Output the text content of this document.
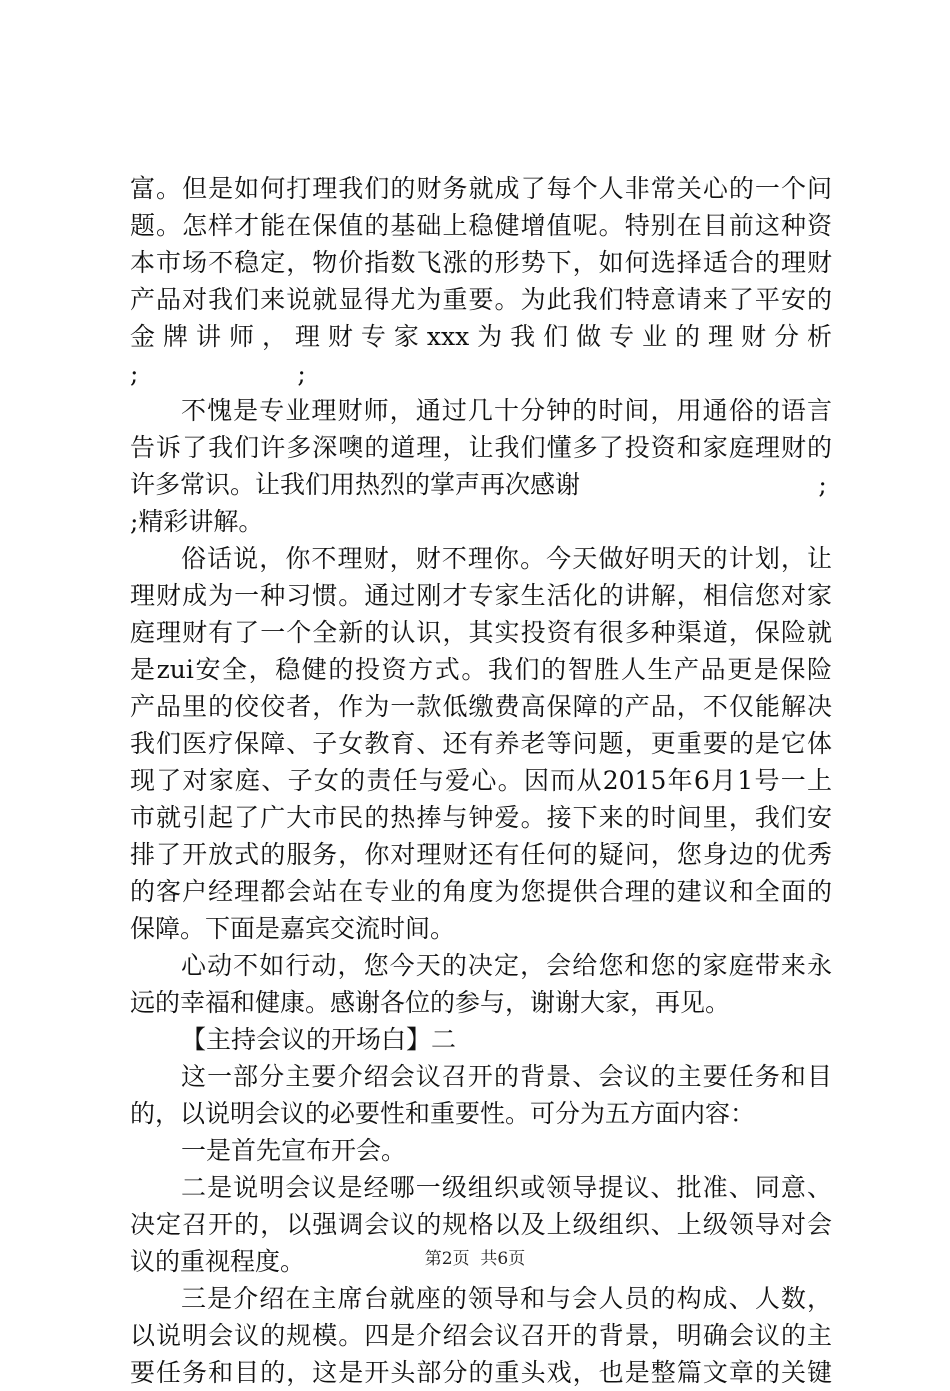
富。但是如何打理我们的财务就成了每个人非常关心的一个问
题。怎样才能在保值的基础上稳健增值呢。特别在目前这种资
本市场不稳定，物价指数飞涨的形势下，如何选择适合的理财
产品对我们来说就显得尤为重要。为此我们特意请来了平安的
金 牌 讲 师 ， 理 财 专 家 xxx 为 我 们 做 专 业 的 理 财 分 析
;                    ;
不愧是专业理财师，通过几十分钟的时间，用通俗的语言
告诉了我们许多深噢的道理，让我们懂多了投资和家庭理财的
许多常识。让我们用热烈的掌声再次感谢                              ;
;精彩讲解。
俗话说，你不理财，财不理你。今天做好明天的计划，让
理财成为一种习惯。通过刚才专家生活化的讲解，相信您对家
庭理财有了一个全新的认识，其实投资有很多种渠道，保险就
是zui安全，稳健的投资方式。我们的智胜人生产品更是保险
产品里的佼佼者，作为一款低缴费高保障的产品，不仅能解决
我们医疗保障、子女教育、还有养老等问题，更重要的是它体
现了对家庭、子女的责任与爱心。因而从2015年6月1号一上
市就引起了广大市民的热捧与钟爱。接下来的时间里，我们安
排了开放式的服务，你对理财还有任何的疑问，您身边的优秀
的客户经理都会站在专业的角度为您提供合理的建议和全面的
保障。下面是嘉宾交流时间。
心动不如行动，您今天的决定，会给您和您的家庭带来永
远的幸福和健康。感谢各位的参与，谢谢大家，再见。
【主持会议的开场白】二
这一部分主要介绍会议召开的背景、会议的主要任务和目
的，以说明会议的必要性和重要性。可分为五方面内容：
一是首先宣布开会。
二是说明会议是经哪一级组织或领导提议、批准、同意、
决定召开的，以强调会议的规格以及上级组织、上级领导对会
议的重视程度。
三是介绍在主席台就座的领导和与会人员的构成、人数，
以说明会议的规模。四是介绍会议召开的背景，明确会议的主
要任务和目的，这是开头部分的重头戏，也是整篇文章的关键
第2页  共6页
